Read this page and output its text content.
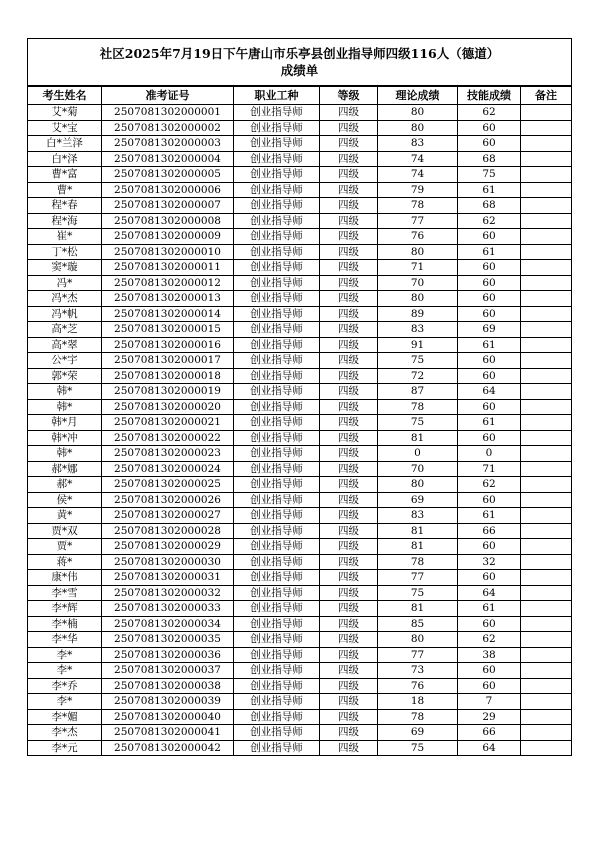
社区2025年7月19日下午唐山市乐亭县创业指导师四级116人（德道）
成绩单						

考生姓名	准考证号	职业工种	等级	理论成绩	技能成绩	备注
艾*菊	2507081302000001	创业指导师	四级	80	62	
艾*宝	2507081302000002	创业指导师	四级	80	60	
白*兰泽	2507081302000003	创业指导师	四级	83	60	
白*泽	2507081302000004	创业指导师	四级	74	68	
曹*富	2507081302000005	创业指导师	四级	74	75	
曹*	2507081302000006	创业指导师	四级	79	61	
程*春	2507081302000007	创业指导师	四级	78	68	
程*海	2507081302000008	创业指导师	四级	77	62	
崔*	2507081302000009	创业指导师	四级	76	60	
丁*松	2507081302000010	创业指导师	四级	80	61	
窦*璇	2507081302000011	创业指导师	四级	71	60	
冯*	2507081302000012	创业指导师	四级	70	60	
冯*杰	2507081302000013	创业指导师	四级	80	60	
冯*帆	2507081302000014	创业指导师	四级	89	60	
高*芝	2507081302000015	创业指导师	四级	83	69	
高*翠	2507081302000016	创业指导师	四级	91	61	
公*宇	2507081302000017	创业指导师	四级	75	60	
郭*荣	2507081302000018	创业指导师	四级	72	60	
韩*	2507081302000019	创业指导师	四级	87	64	
韩*	2507081302000020	创业指导师	四级	78	60	
韩*月	2507081302000021	创业指导师	四级	75	61	
韩*冲	2507081302000022	创业指导师	四级	81	60	
韩*	2507081302000023	创业指导师	四级	0	0	
郝*娜	2507081302000024	创业指导师	四级	70	71	
郝*	2507081302000025	创业指导师	四级	80	62	
侯*	2507081302000026	创业指导师	四级	69	60	
黄*	2507081302000027	创业指导师	四级	83	61	
贾*双	2507081302000028	创业指导师	四级	81	66	
贾*	2507081302000029	创业指导师	四级	81	60	
蒋*	2507081302000030	创业指导师	四级	78	32	
康*伟	2507081302000031	创业指导师	四级	77	60	
李*雪	2507081302000032	创业指导师	四级	75	64	
李*辉	2507081302000033	创业指导师	四级	81	61	
李*楠	2507081302000034	创业指导师	四级	85	60	
李*华	2507081302000035	创业指导师	四级	80	62	
李*	2507081302000036	创业指导师	四级	77	38	
李*	2507081302000037	创业指导师	四级	73	60	
李*乔	2507081302000038	创业指导师	四级	76	60	
李*	2507081302000039	创业指导师	四级	18	7	
李*媚	2507081302000040	创业指导师	四级	78	29	
李*杰	2507081302000041	创业指导师	四级	69	66	
李*元	2507081302000042	创业指导师	四级	75	64	
